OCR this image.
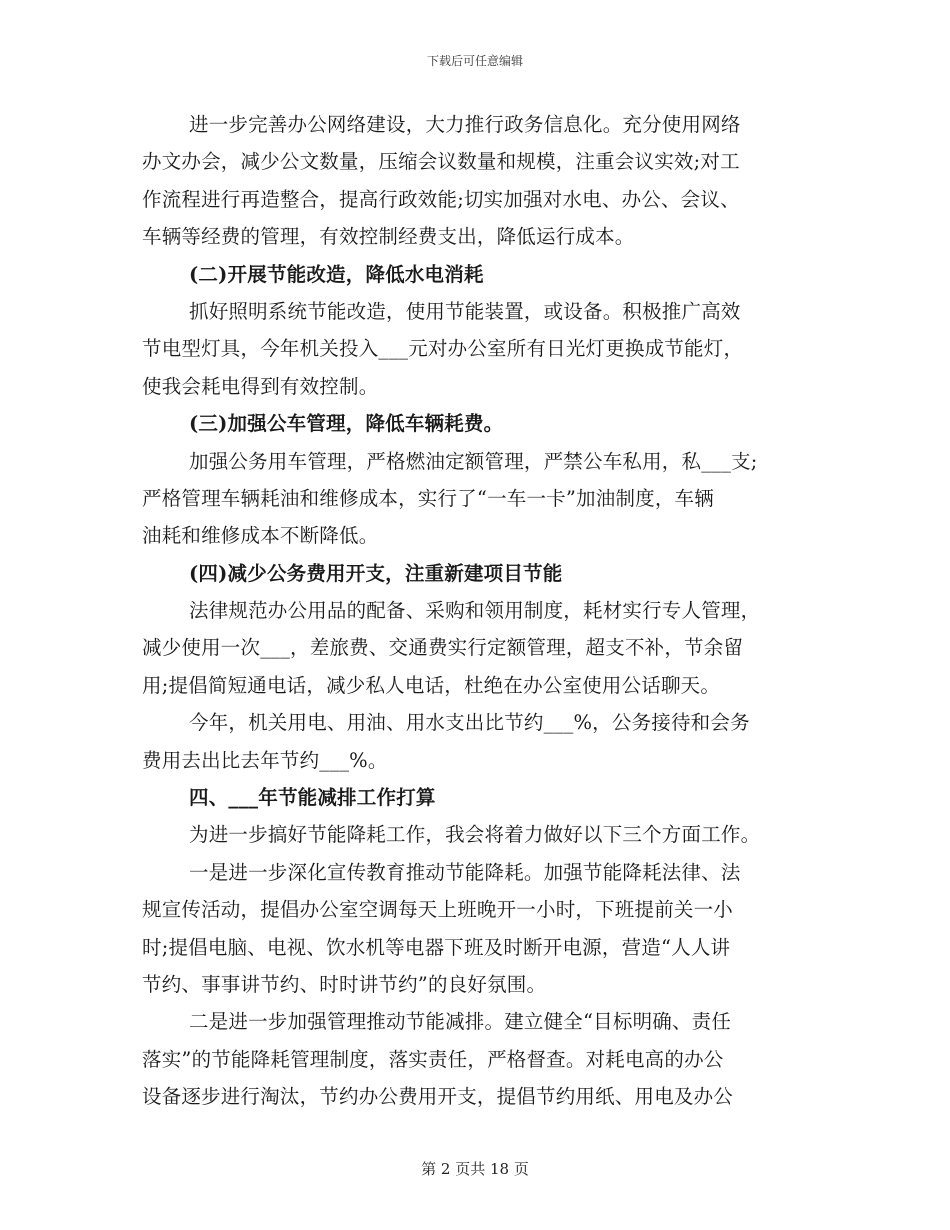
下载后可任意编辑
进一步完善办公网络建设，大力推行政务信息化。充分使用网络
办文办会，减少公文数量，压缩会议数量和规模，注重会议实效;对工
作流程进行再造整合，提高行政效能;切实加强对水电、办公、会议、
车辆等经费的管理，有效控制经费支出，降低运行成本。
(二)开展节能改造，降低水电消耗
抓好照明系统节能改造，使用节能装置，或设备。积极推广高效
节电型灯具，今年机关投入___元对办公室所有日光灯更换成节能灯，
使我会耗电得到有效控制。
(三)加强公车管理，降低车辆耗费。
加强公务用车管理，严格燃油定额管理，严禁公车私用，私___支;
严格管理车辆耗油和维修成本，实行了“一车一卡”加油制度，车辆
油耗和维修成本不断降低。
(四)减少公务费用开支，注重新建项目节能
法律规范办公用品的配备、采购和领用制度，耗材实行专人管理，
减少使用一次___，差旅费、交通费实行定额管理，超支不补，节余留
用;提倡简短通电话，减少私人电话，杜绝在办公室使用公话聊天。
今年，机关用电、用油、用水支出比节约___%，公务接待和会务
费用去出比去年节约___%。
四、___年节能减排工作打算
为进一步搞好节能降耗工作，我会将着力做好以下三个方面工作。
一是进一步深化宣传教育推动节能降耗。加强节能降耗法律、法
规宣传活动，提倡办公室空调每天上班晚开一小时，下班提前关一小
时;提倡电脑、电视、饮水机等电器下班及时断开电源，营造“人人讲
节约、事事讲节约、时时讲节约”的良好氛围。
二是进一步加强管理推动节能减排。建立健全“目标明确、责任
落实”的节能降耗管理制度，落实责任，严格督查。对耗电高的办公
设备逐步进行淘汰，节约办公费用开支，提倡节约用纸、用电及办公
第 2 页共 18 页
